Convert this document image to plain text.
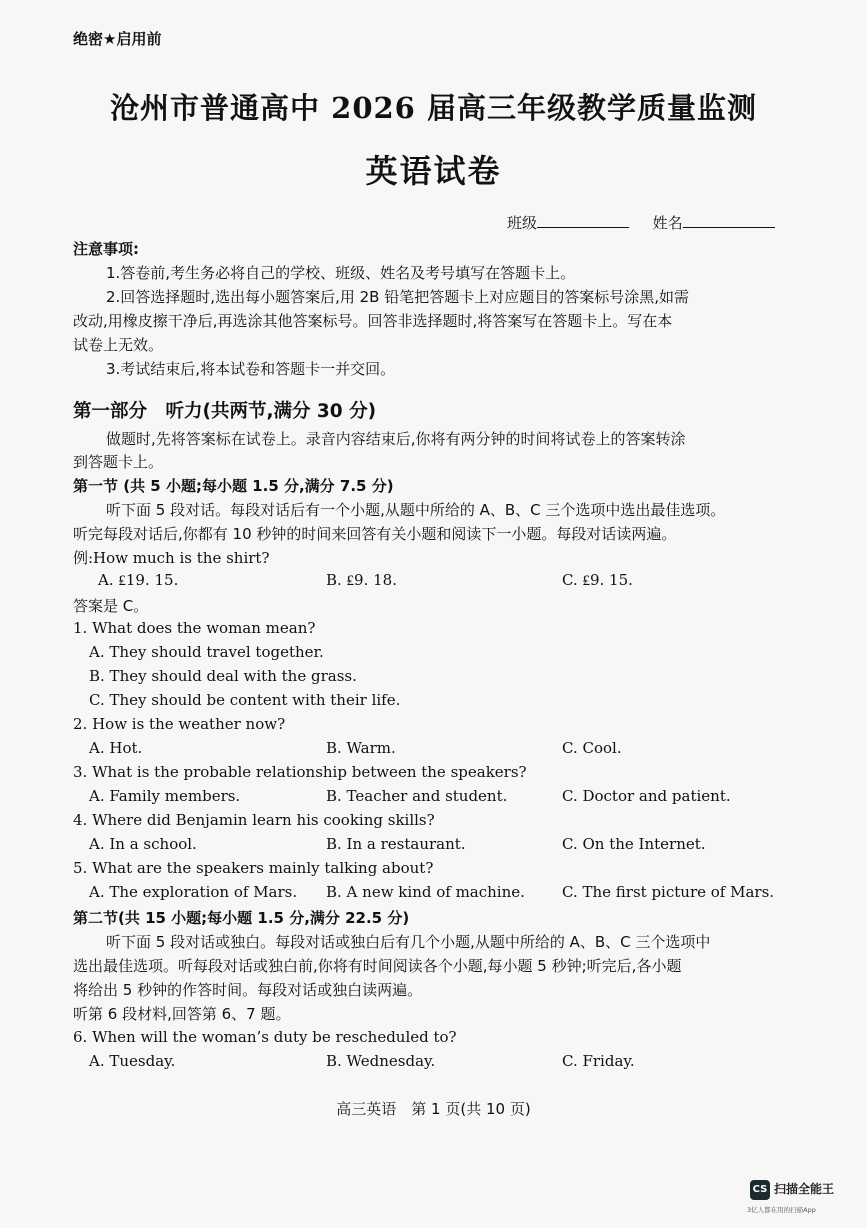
绝密★启用前
沧州市普通高中 2026 届高三年级教学质量监测
英语试卷
班级	姓名
注意事项:
1.答卷前,考生务必将自己的学校、班级、姓名及考号填写在答题卡上。
2.回答选择题时,选出每小题答案后,用 2B 铅笔把答题卡上对应题目的答案标号涂黑,如需
改动,用橡皮擦干净后,再选涂其他答案标号。回答非选择题时,将答案写在答题卡上。写在本
试卷上无效。
3.考试结束后,将本试卷和答题卡一并交回。
第一部分　听力(共两节,满分 30 分)
做题时,先将答案标在试卷上。录音内容结束后,你将有两分钟的时间将试卷上的答案转涂
到答题卡上。
第一节 (共 5 小题;每小题 1.5 分,满分 7.5 分)
听下面 5 段对话。每段对话后有一个小题,从题中所给的 A、B、C 三个选项中选出最佳选项。
听完每段对话后,你都有 10 秒钟的时间来回答有关小题和阅读下一小题。每段对话读两遍。
例:How much is the shirt?
A. ₤19. 15.	B. ₤9. 18.	C. ₤9. 15.
答案是 C。
1. What does the woman mean?
A. They should travel together.
B. They should deal with the grass.
C. They should be content with their life.
2. How is the weather now?
A. Hot.	B. Warm.	C. Cool.
3. What is the probable relationship between the speakers?
A. Family members.	B. Teacher and student.	C. Doctor and patient.
4. Where did Benjamin learn his cooking skills?
A. In a school.	B. In a restaurant.	C. On the Internet.
5. What are the speakers mainly talking about?
A. The exploration of Mars. B. A new kind of machine. C. The first picture of Mars.
第二节(共 15 小题;每小题 1.5 分,满分 22.5 分)
听下面 5 段对话或独白。每段对话或独白后有几个小题,从题中所给的 A、B、C 三个选项中
选出最佳选项。听每段对话或独白前,你将有时间阅读各个小题,每小题 5 秒钟;听完后,各小题
将给出 5 秒钟的作答时间。每段对话或独白读两遍。
听第 6 段材料,回答第 6、7 题。
6. When will the woman’s duty be rescheduled to?
A. Tuesday.	B. Wednesday.	C. Friday.
高三英语　第 1 页(共 10 页)
CS 扫描全能王
3亿人都在用的扫描App
